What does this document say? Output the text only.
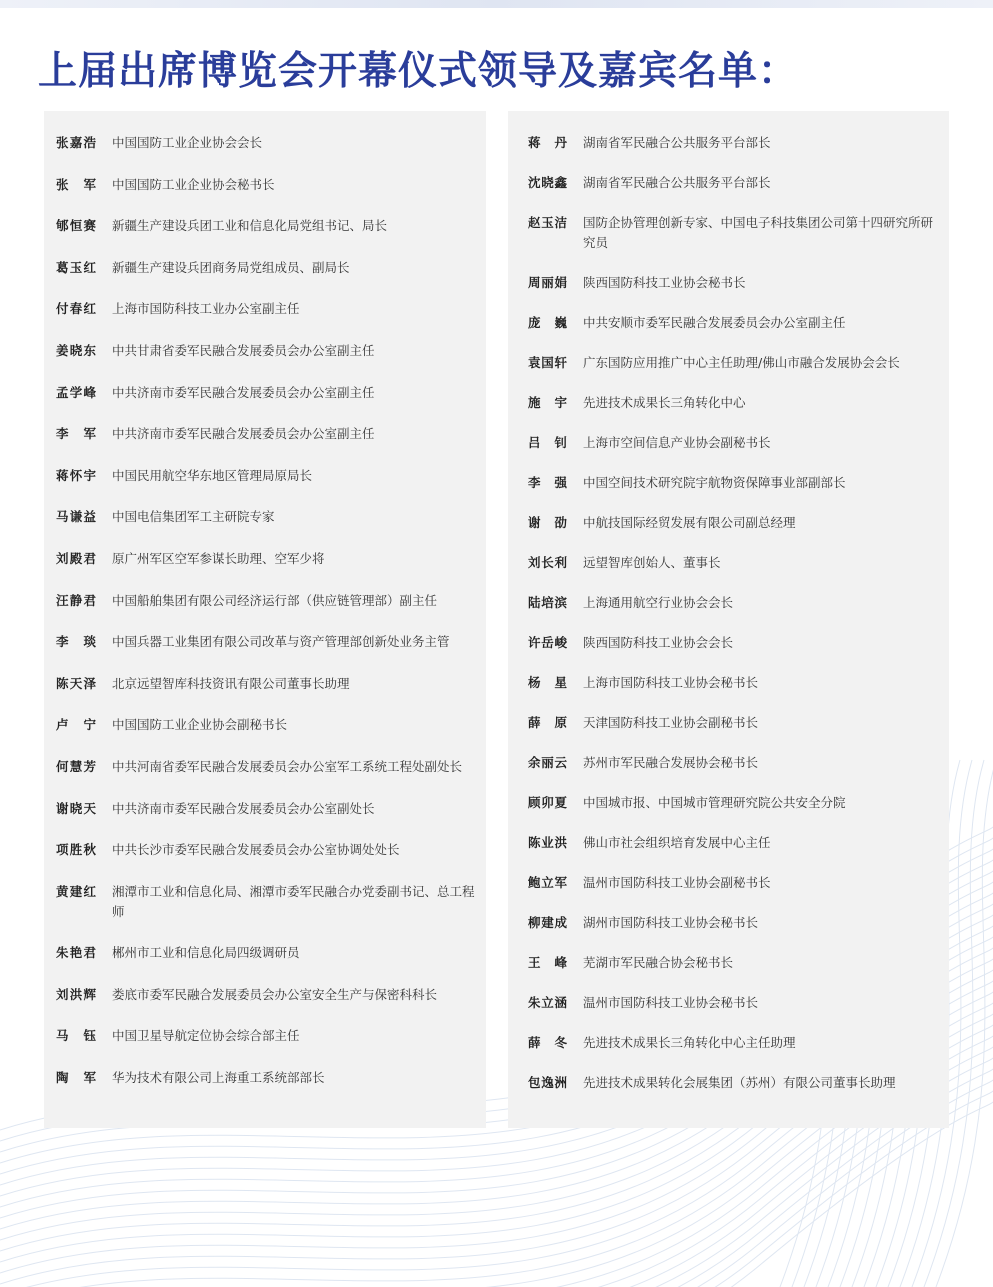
上届出席博览会开幕仪式领导及嘉宾名单：
张嘉浩 中国国防工业企业协会会长
张　军 中国国防工业企业协会秘书长
郇恒赛 新疆生产建设兵团工业和信息化局党组书记、局长
葛玉红 新疆生产建设兵团商务局党组成员、副局长
付春红 上海市国防科技工业办公室副主任
姜晓东 中共甘肃省委军民融合发展委员会办公室副主任
孟学峰 中共济南市委军民融合发展委员会办公室副主任
李　军 中共济南市委军民融合发展委员会办公室副主任
蒋怀宇 中国民用航空华东地区管理局原局长
马谦益 中国电信集团军工主研院专家
刘殿君 原广州军区空军参谋长助理、空军少将
汪静君 中国船舶集团有限公司经济运行部（供应链管理部）副主任
李　琰 中国兵器工业集团有限公司改革与资产管理部创新处业务主管
陈天泽 北京远望智库科技资讯有限公司董事长助理
卢　宁 中国国防工业企业协会副秘书长
何慧芳 中共河南省委军民融合发展委员会办公室军工系统工程处副处长
谢晓天 中共济南市委军民融合发展委员会办公室副处长
项胜秋 中共长沙市委军民融合发展委员会办公室协调处处长
黄建红 湘潭市工业和信息化局、湘潭市委军民融合办党委副书记、总工程师
朱艳君 郴州市工业和信息化局四级调研员
刘洪辉 娄底市委军民融合发展委员会办公室安全生产与保密科科长
马　钰 中国卫星导航定位协会综合部主任
陶　军 华为技术有限公司上海重工系统部部长
蒋　丹 湖南省军民融合公共服务平台部长
沈晓鑫 湖南省军民融合公共服务平台部长
赵玉洁 国防企协管理创新专家、中国电子科技集团公司第十四研究所研究员
周丽娟 陕西国防科技工业协会秘书长
庞　巍 中共安顺市委军民融合发展委员会办公室副主任
袁国轩 广东国防应用推广中心主任助理/佛山市融合发展协会会长
施　宇 先进技术成果长三角转化中心
吕　钊 上海市空间信息产业协会副秘书长
李　强 中国空间技术研究院宇航物资保障事业部副部长
谢　劭 中航技国际经贸发展有限公司副总经理
刘长利 远望智库创始人、董事长
陆培滨 上海通用航空行业协会会长
许岳峻 陕西国防科技工业协会会长
杨　星 上海市国防科技工业协会秘书长
薛　原 天津国防科技工业协会副秘书长
余丽云 苏州市军民融合发展协会秘书长
顾卯夏 中国城市报、中国城市管理研究院公共安全分院
陈业洪 佛山市社会组织培育发展中心主任
鲍立军 温州市国防科技工业协会副秘书长
柳建成 湖州市国防科技工业协会秘书长
王　峰 芜湖市军民融合协会秘书长
朱立涵 温州市国防科技工业协会秘书长
薛　冬 先进技术成果长三角转化中心主任助理
包逸洲 先进技术成果转化会展集团（苏州）有限公司董事长助理
